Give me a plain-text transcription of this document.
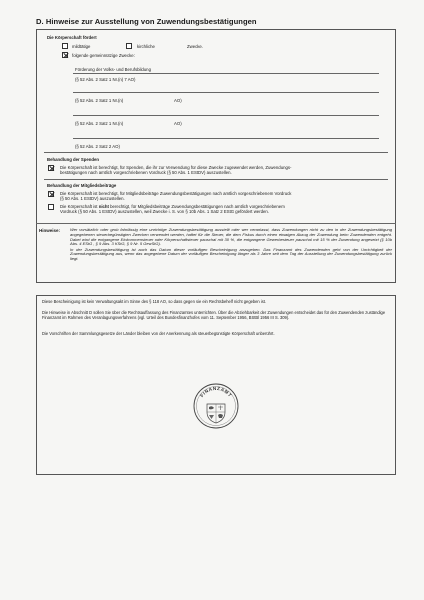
D. Hinweise zur Ausstellung von Zuwendungsbestätigungen
Die Körperschaft fördert
mildtätige	kirchliche	Zwecke.
folgende gemeinnützige Zwecke:
Förderung der Volks- und Berufsbildung
(§ 52 Abs. 2 Satz 1 Nr.(n) 7 AO)
(§ 52 Abs. 2 Satz 1 Nr.(n)	AO)
(§ 52 Abs. 2 Satz 1 Nr.(n)	AO)
(§ 52 Abs. 2 Satz 2 AO)
Behandlung der Spenden
Die Körperschaft ist berechtigt, für Spenden, die ihr zur Verwendung für diese Zwecke zugewendet werden, Zuwendungs-
bestätigungen nach amtlich vorgeschriebenen Vordruck (§ 50 Abs. 1 EStDV) auszustellen.
Behandlung der Mitgliedsbeiträge
Die Körperschaft ist berechtigt, für Mitgliedsbeiträge Zuwendungsbestätigungen nach amtlich vorgeschriebenem Vordruck
(§ 50 Abs. 1 EStDV) auszustellen.
Die Körperschaft ist nicht berechtigt, für Mitgliedsbeiträge Zuwendungsbestätigungen nach amtlich vorgeschriebenem
Vordruck (§ 50 Abs. 1 EStDV) auszustellen, weil Zwecke i. S. von § 10b Abs. 1 Satz 2 EStG gefördert werden.
Hinweise: Wer vorsätzlich oder grob fahrlässig eine unrichtige Zuwendungsbestätigung ausstellt oder wer veranlasst, dass Zuwendungen nicht zu den in der Zuwendungsbestätigung angegebenen steuerbegünstigten Zwecken verwendet werden, haftet für die Steuer, die dem Fiskus durch einen etwaigen Abzug der Zuwendung beim Zuwendenden entgeht. Dabei wird die entgangene Einkommensteuer oder Körperschaftsteuer pauschal mit 30 %, die entgangene Gewerbesteuer pauschal mit 15 % der Zuwendung angesetzt (§ 10b Abs. 4 EStG , § 9 Abs. 3 KStG, § 9 Nr. 5 GewStG).
In der Zuwendungsbestätigung ist auch das Datum dieser vorläufigen Bescheinigung anzugeben. Das Finanzamt des Zuwendenden geht von der Unrichtigkeit der Zuwendungsbestätigung aus, wenn das angegebene Datum der vorläufigen Bescheinigung länger als 3 Jahre seit dem Tag der Ausstellung der Zuwendungsbestätigung zurück liegt.
Diese Bescheinigung ist kein Verwaltungsakt im Sinne des § 118 AO, so dass gegen sie ein Rechtsbehelf nicht gegeben ist.
Die Hinweise in Abschnitt D sollen Sie über die Rechtsauffassung des Finanzamtes unterrichten. Über die Abziehbarkeit der Zuwendungen entscheidet das für den Zuwendenden zuständige Finanzamt im Rahmen des Veranlagungsverfahrens (vgl. Urteil des Bundesfinanzhofes vom 11. September 1956, BStBl 1956 III S. 309).
Die Vorschriften der Sammlungsgesetze der Länder bleiben von der Anerkennung als steuerbegünstigte Körperschaft unberührt.
FINANZAMT
